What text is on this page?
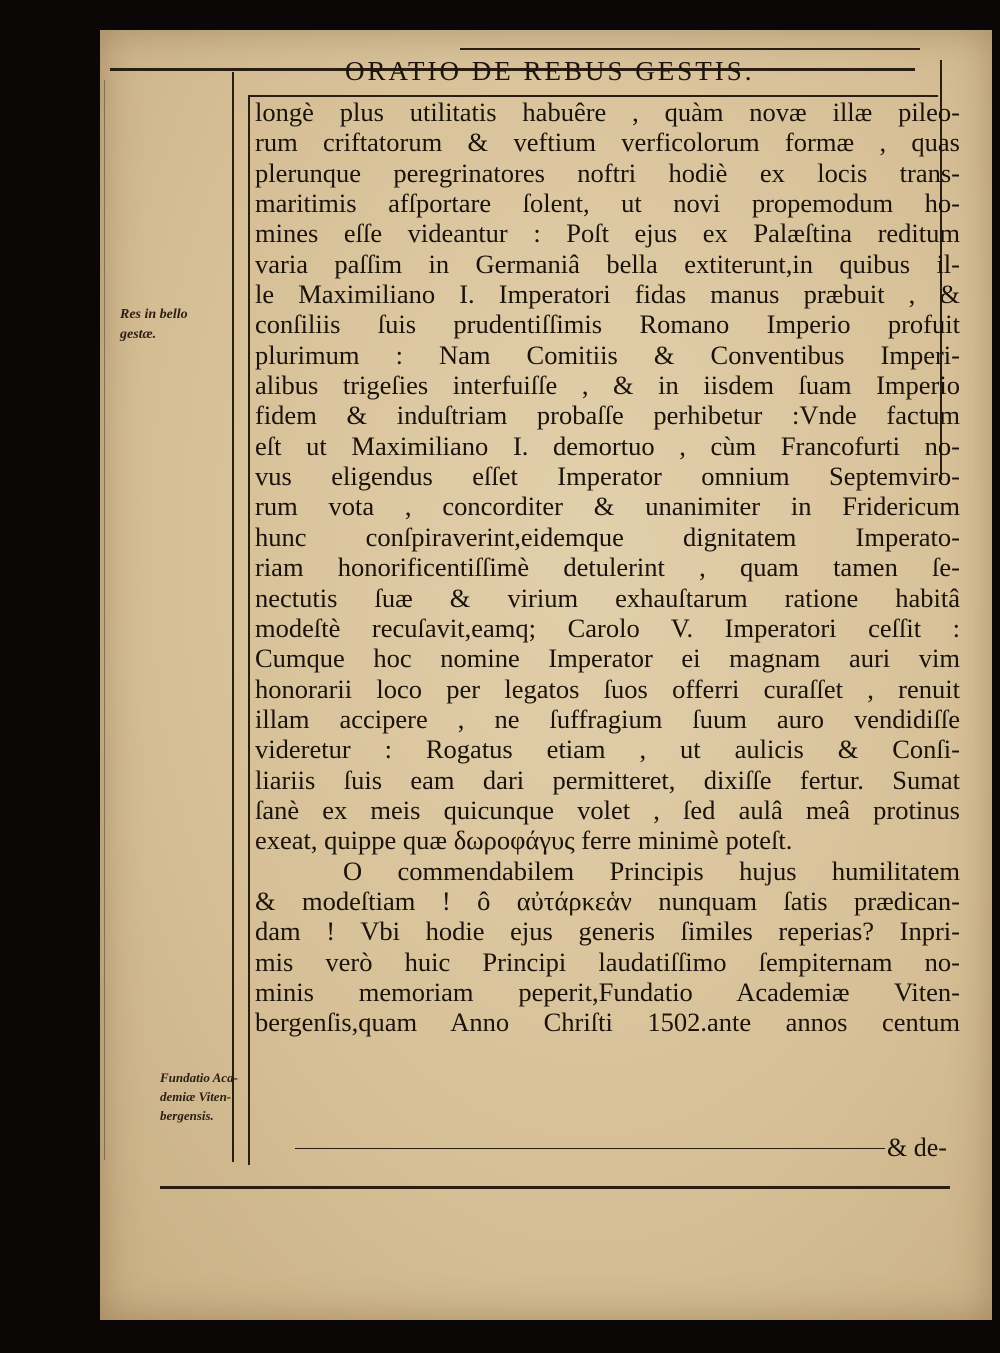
ORATIO DE REBUS GESTIS.
Res in bello
gestæ.
Fundatio Aca-
demiæ Viten-
bergensis.
longè plus utilitatis habuêre , quàm novæ illæ pileo-
rum criftatorum & veftium verficolorum formæ , quas
plerunque peregrinatores noftri hodiè ex locis trans-
maritimis afſportare ſolent, ut novi propemodum ho-
mines eſſe videantur : Poſt ejus ex Palæſtina reditum
varia paſſim in Germaniâ bella extiterunt,in quibus il-
le Maximiliano I. Imperatori fidas manus præbuit , &
conſiliis ſuis prudentiſſimis Romano Imperio profuit
plurimum : Nam Comitiis & Conventibus Imperi-
alibus trigeſies interfuiſſe , & in iisdem ſuam Imperio
fidem & induſtriam probaſſe perhibetur :Vnde factum
eſt ut Maximiliano I. demortuo , cùm Francofurti no-
vus eligendus eſſet Imperator omnium Septemviro-
rum vota , concorditer & unanimiter in Fridericum
hunc conſpiraverint,eidemque dignitatem Imperato-
riam honorificentiſſimè detulerint , quam tamen ſe-
nectutis ſuæ & virium exhauſtarum ratione habitâ
modeſtè recuſavit,eamq; Carolo V. Imperatori ceſſit :
Cumque hoc nomine Imperator ei magnam auri vim
honorarii loco per legatos ſuos offerri curaſſet , renuit
illam accipere , ne ſuffragium ſuum auro vendidiſſe
videretur : Rogatus etiam , ut aulicis & Conſi-
liariis ſuis eam dari permitteret, dixiſſe fertur. Sumat
ſanè ex meis quicunque volet , ſed aulâ meâ protinus
exeat, quippe quæ δωροφάγυς ferre minimè poteſt.
O commendabilem Principis hujus humilitatem
& modeſtiam ! ô αὐτάρκεἁν nunquam ſatis prædican-
dam ! Vbi hodie ejus generis ſimiles reperias? Inpri-
mis verò huic Principi laudatiſſimo ſempiternam no-
minis memoriam peperit,Fundatio Academiæ Viten-
bergenſis,quam Anno Chriſti 1502.ante annos centum
& de-
